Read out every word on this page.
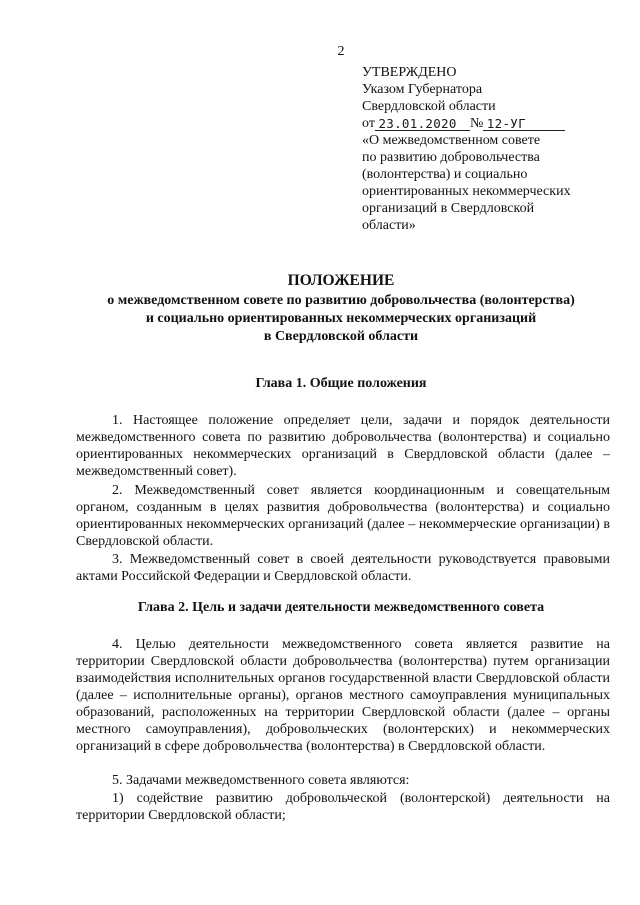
2
УТВЕРЖДЕНО
Указом Губернатора
Свердловской области
от 23.01.2020 № 12-УГ
«О межведомственном совете
по развитию добровольчества
(волонтерства) и социально
ориентированных некоммерческих
организаций в Свердловской
области»
ПОЛОЖЕНИЕ
о межведомственном совете по развитию добровольчества (волонтерства)
и социально ориентированных некоммерческих организаций
в Свердловской области
Глава 1. Общие положения
1. Настоящее положение определяет цели, задачи и порядок деятельности межведомственного совета по развитию добровольчества (волонтерства) и социально ориентированных некоммерческих организаций в Свердловской области (далее – межведомственный совет).
2. Межведомственный совет является координационным и совещательным органом, созданным в целях развития добровольчества (волонтерства) и социально ориентированных некоммерческих организаций (далее – некоммерческие организации) в Свердловской области.
3. Межведомственный совет в своей деятельности руководствуется правовыми актами Российской Федерации и Свердловской области.
Глава 2. Цель и задачи деятельности межведомственного совета
4. Целью деятельности межведомственного совета является развитие на территории Свердловской области добровольчества (волонтерства) путем организации взаимодействия исполнительных органов государственной власти Свердловской области (далее – исполнительные органы), органов местного самоуправления муниципальных образований, расположенных на территории Свердловской области (далее – органы местного самоуправления), добровольческих (волонтерских) и некоммерческих организаций в сфере добровольчества (волонтерства) в Свердловской области.
5. Задачами межведомственного совета являются:
1) содействие развитию добровольческой (волонтерской) деятельности на территории Свердловской области;
